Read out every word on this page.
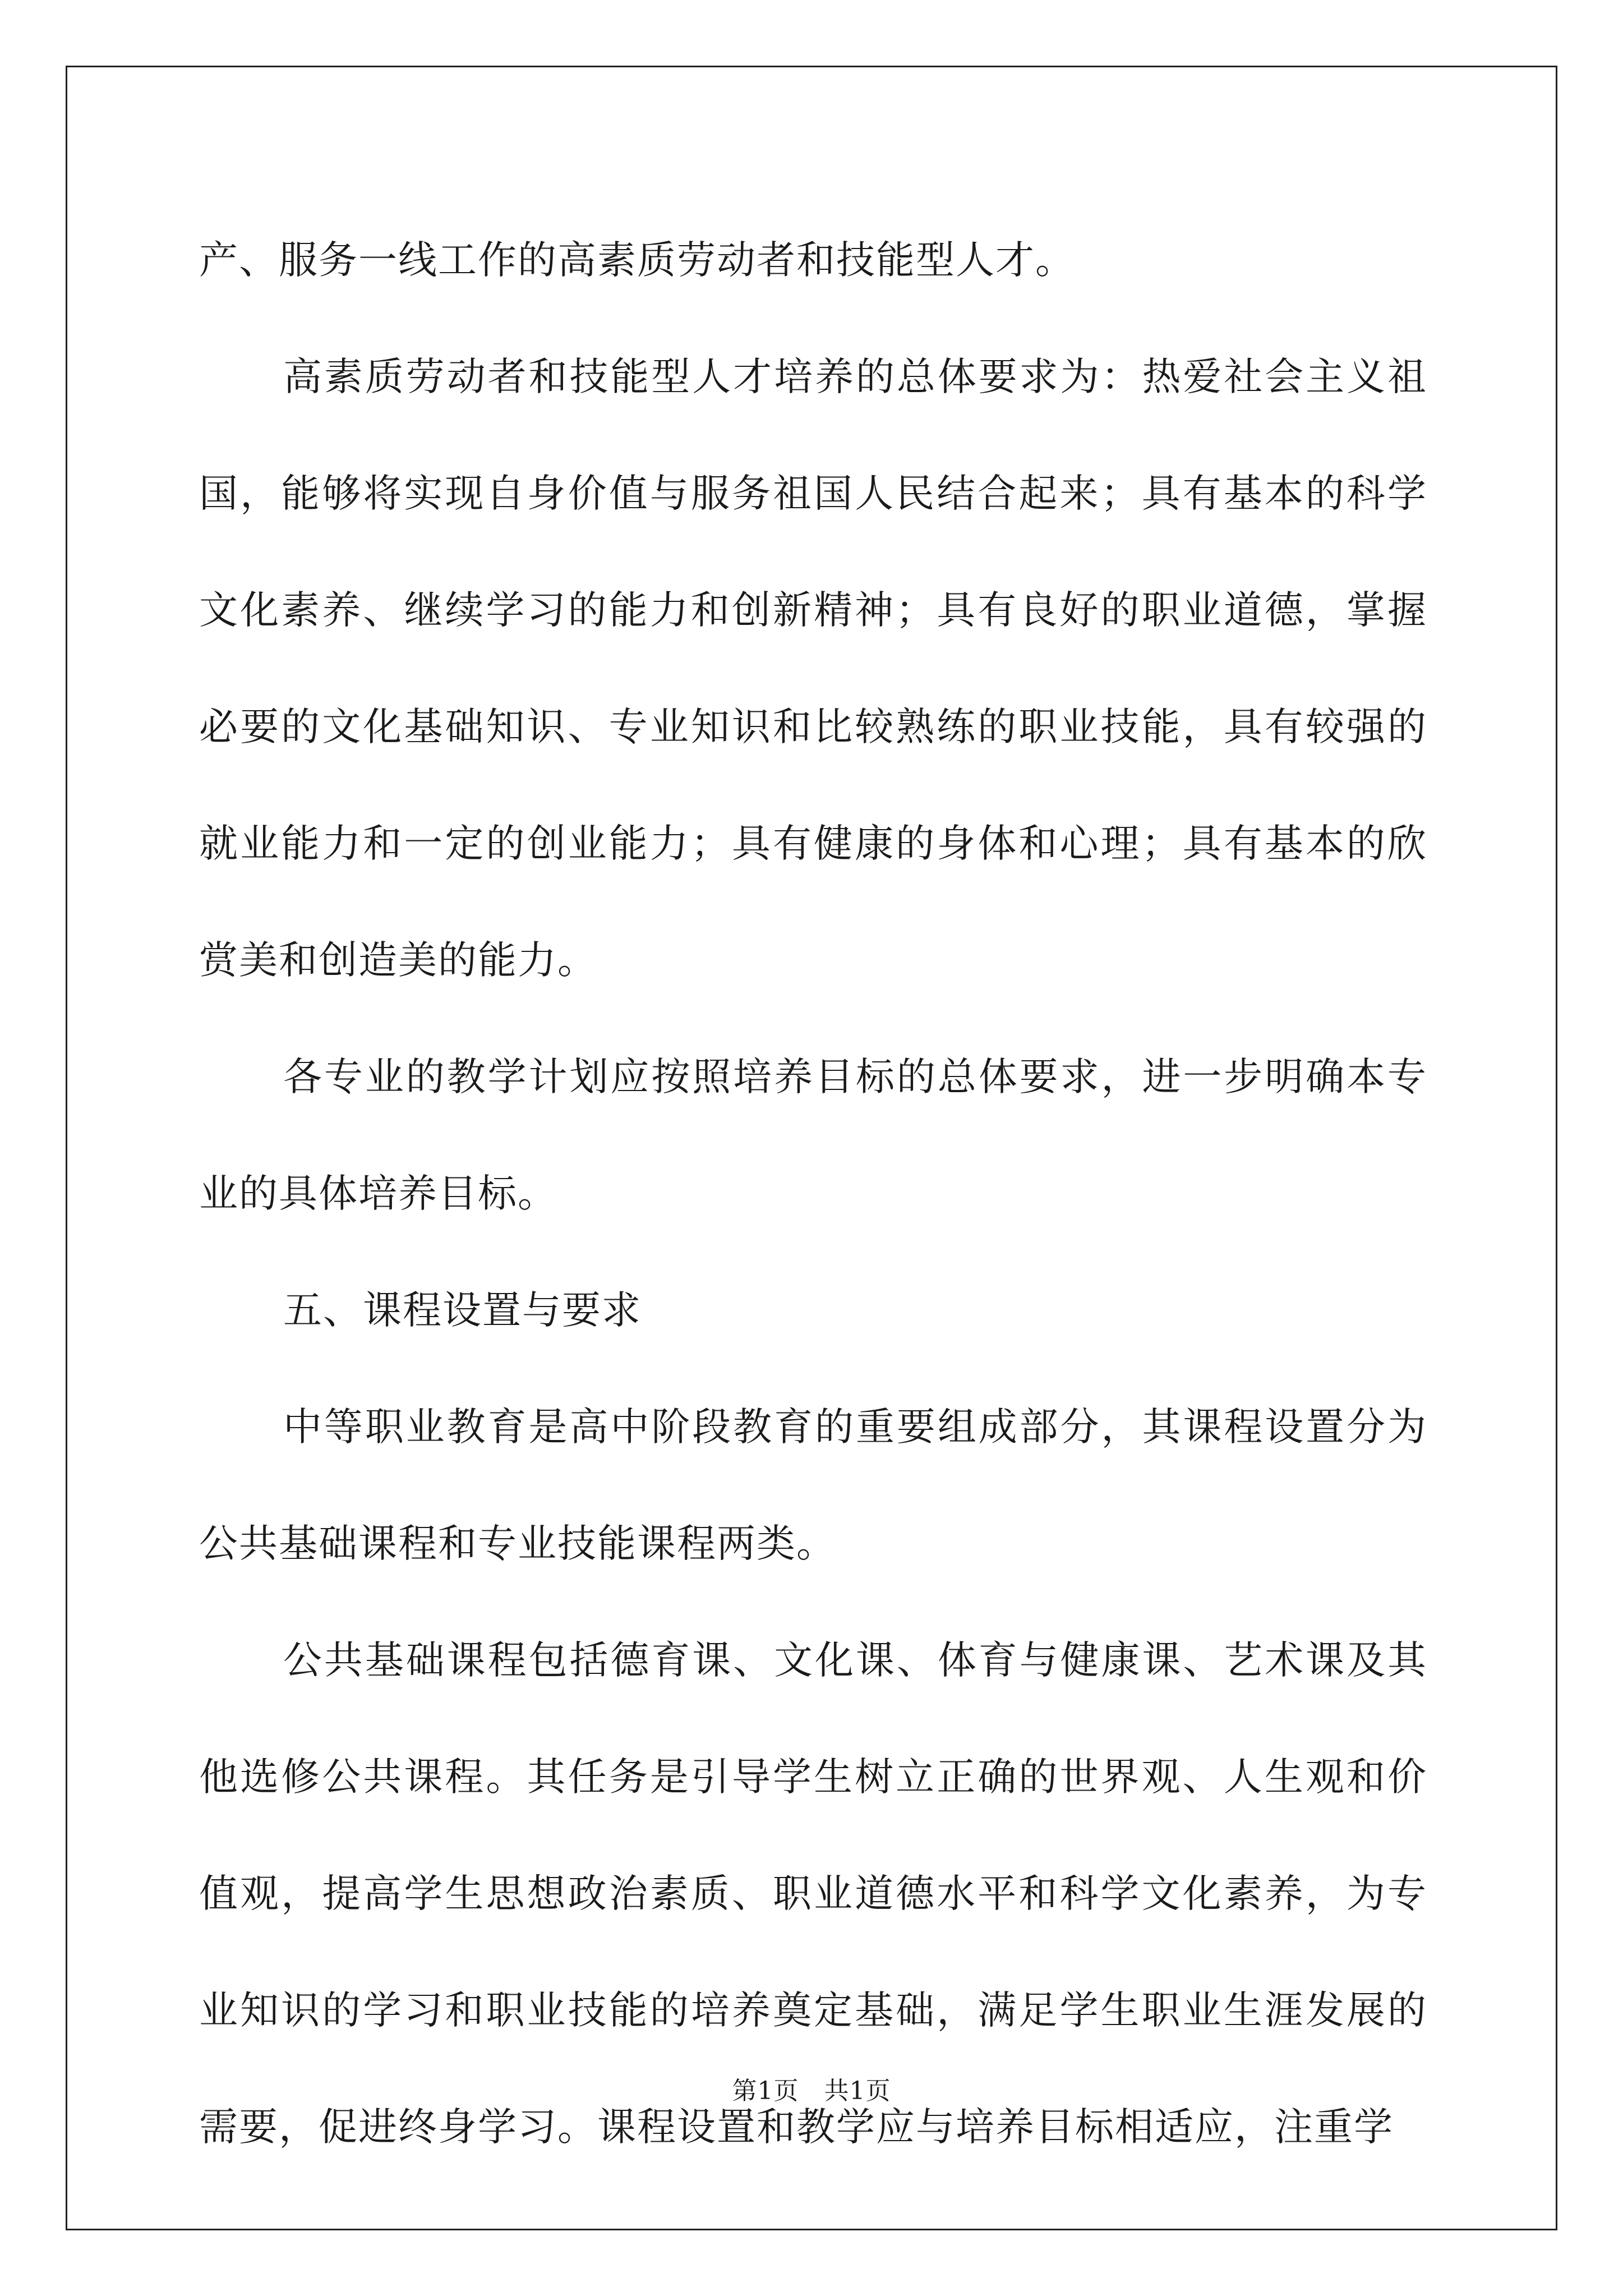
产、服务一线工作的高素质劳动者和技能型人才。

高素质劳动者和技能型人才培养的总体要求为：热爱社会主义祖国，能够将实现自身价值与服务祖国人民结合起来；具有基本的科学文化素养、继续学习的能力和创新精神；具有良好的职业道德，掌握必要的文化基础知识、专业知识和比较熟练的职业技能，具有较强的就业能力和一定的创业能力；具有健康的身体和心理；具有基本的欣赏美和创造美的能力。

各专业的教学计划应按照培养目标的总体要求，进一步明确本专业的具体培养目标。

五、课程设置与要求

中等职业教育是高中阶段教育的重要组成部分，其课程设置分为公共基础课程和专业技能课程两类。

公共基础课程包括德育课、文化课、体育与健康课、艺术课及其他选修公共课程。其任务是引导学生树立正确的世界观、人生观和价值观，提高学生思想政治素质、职业道德水平和科学文化素养，为专业知识的学习和职业技能的培养奠定基础，满足学生职业生涯发展的需要，促进终身学习。课程设置和教学应与培养目标相适应，注重学

第1页　共1页
